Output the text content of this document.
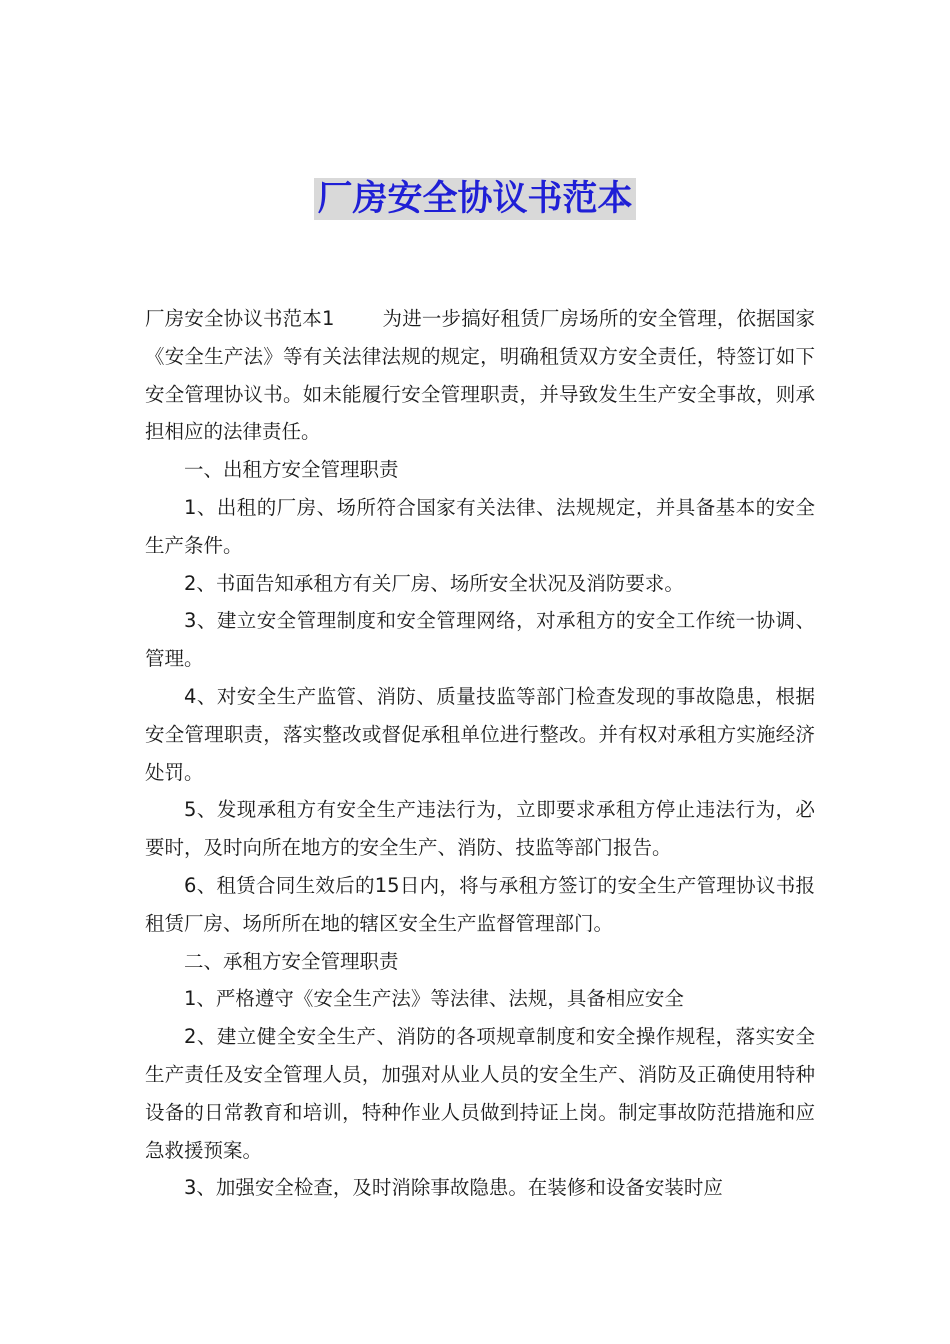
厂房安全协议书范本

厂房安全协议书范本1 为进一步搞好租赁厂房场所的安全管理，依据国家《安全生产法》等有关法律法规的规定，明确租赁双方安全责任，特签订如下安全管理协议书。如未能履行安全管理职责，并导致发生生产安全事故，则承担相应的法律责任。

一、出租方安全管理职责

1、出租的厂房、场所符合国家有关法律、法规规定，并具备基本的安全生产条件。

2、书面告知承租方有关厂房、场所安全状况及消防要求。

3、建立安全管理制度和安全管理网络，对承租方的安全工作统一协调、管理。

4、对安全生产监管、消防、质量技监等部门检查发现的事故隐患，根据安全管理职责，落实整改或督促承租单位进行整改。并有权对承租方实施经济处罚。

5、发现承租方有安全生产违法行为，立即要求承租方停止违法行为，必要时，及时向所在地方的安全生产、消防、技监等部门报告。

6、租赁合同生效后的15日内，将与承租方签订的安全生产管理协议书报租赁厂房、场所所在地的辖区安全生产监督管理部门。

二、承租方安全管理职责

1、严格遵守《安全生产法》等法律、法规，具备相应安全

2、建立健全安全生产、消防的各项规章制度和安全操作规程，落实安全生产责任及安全管理人员，加强对从业人员的安全生产、消防及正确使用特种设备的日常教育和培训，特种作业人员做到持证上岗。制定事故防范措施和应急救援预案。

3、加强安全检查，及时消除事故隐患。在装修和设备安装时应
